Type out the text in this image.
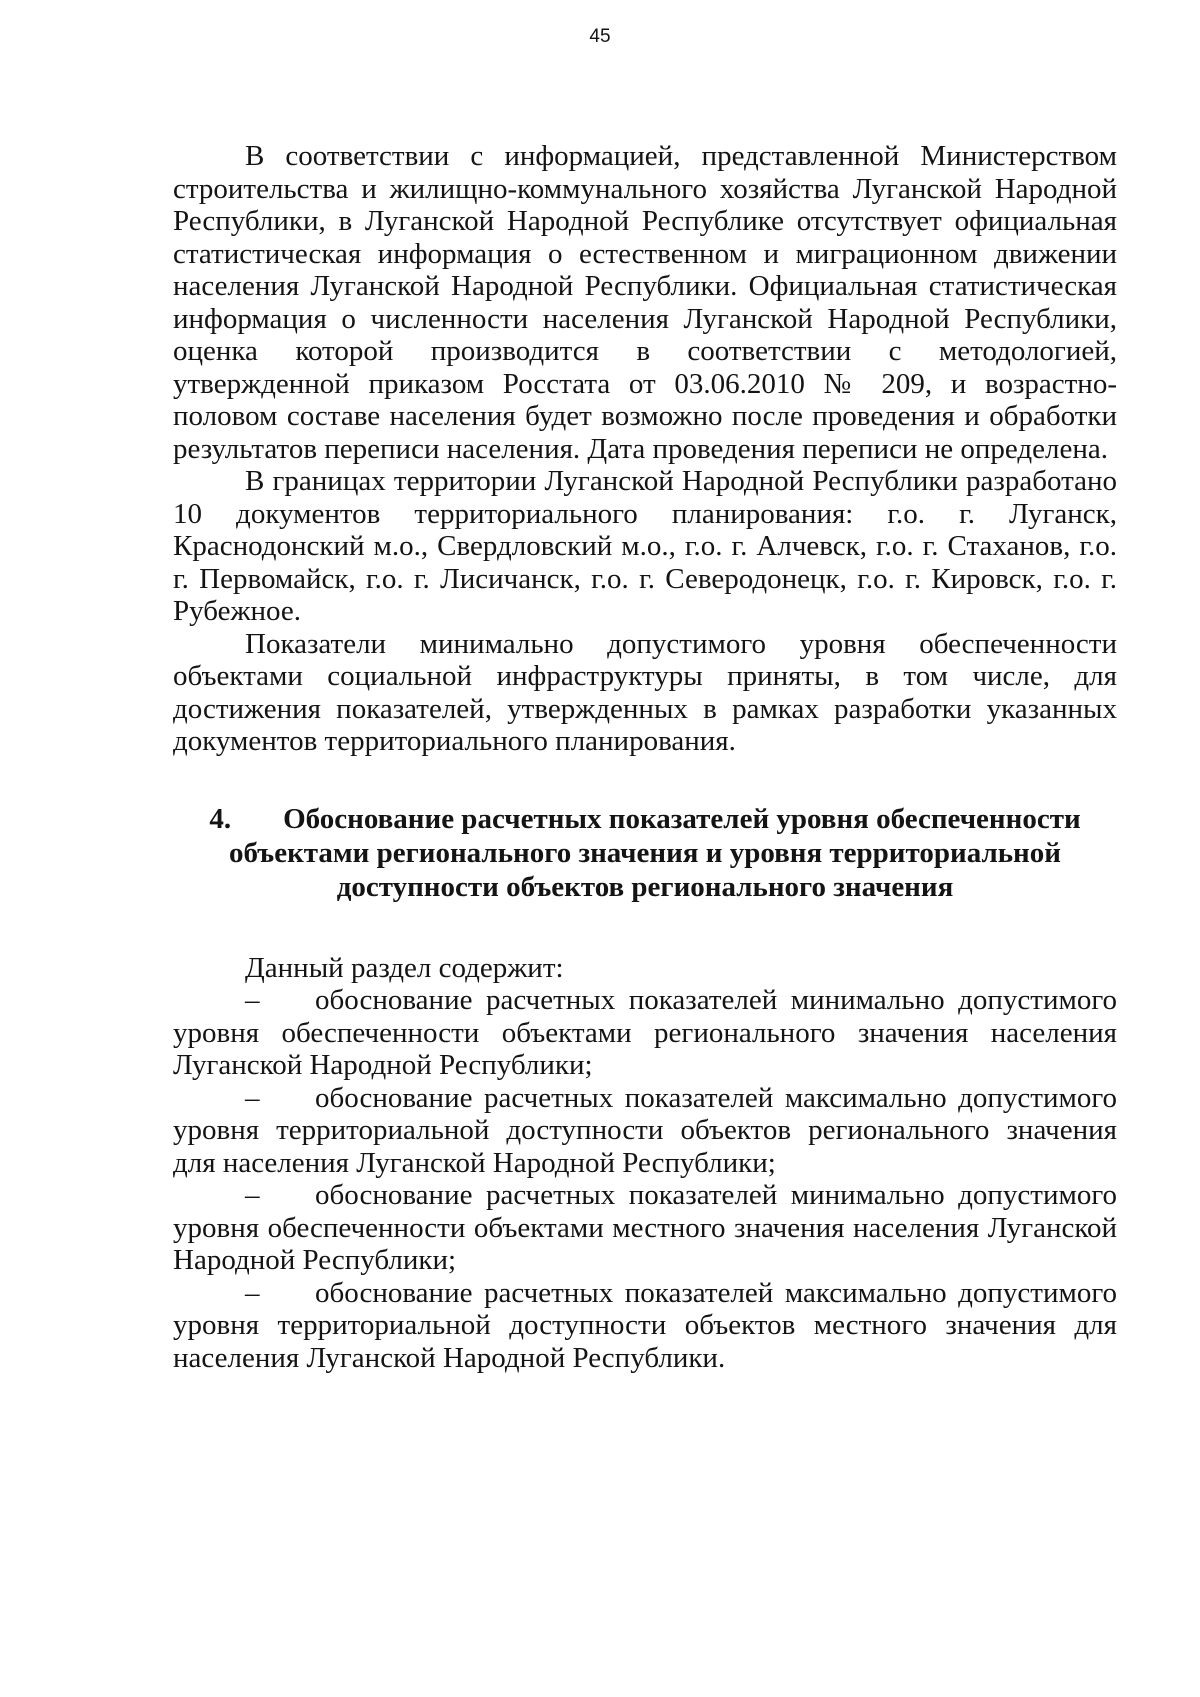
45

В соответствии с информацией, представленной Министерством строительства и жилищно-коммунального хозяйства Луганской Народной Республики, в Луганской Народной Республике отсутствует официальная статистическая информация о естественном и миграционном движении населения Луганской Народной Республики. Официальная статистическая информация о численности населения Луганской Народной Республики, оценка которой производится в соответствии с методологией, утвержденной приказом Росстата от 03.06.2010 № 209, и возрастно-половом составе населения будет возможно после проведения и обработки результатов переписи населения. Дата проведения переписи не определена.

В границах территории Луганской Народной Республики разработано 10 документов территориального планирования: г.о. г. Луганск, Краснодонский м.о., Свердловский м.о., г.о. г. Алчевск, г.о. г. Стаханов, г.о. г. Первомайск, г.о. г. Лисичанск, г.о. г. Северодонецк, г.о. г. Кировск, г.о. г. Рубежное.

Показатели минимально допустимого уровня обеспеченности объектами социальной инфраструктуры приняты, в том числе, для достижения показателей, утвержденных в рамках разработки указанных документов территориального планирования.

4. Обоснование расчетных показателей уровня обеспеченности
объектами регионального значения и уровня территориальной
доступности объектов регионального значения

Данный раздел содержит:

– обоснование расчетных показателей минимально допустимого уровня обеспеченности объектами регионального значения населения Луганской Народной Республики;

– обоснование расчетных показателей максимально допустимого уровня территориальной доступности объектов регионального значения для населения Луганской Народной Республики;

– обоснование расчетных показателей минимально допустимого уровня обеспеченности объектами местного значения населения Луганской Народной Республики;

– обоснование расчетных показателей максимально допустимого уровня территориальной доступности объектов местного значения для населения Луганской Народной Республики.
